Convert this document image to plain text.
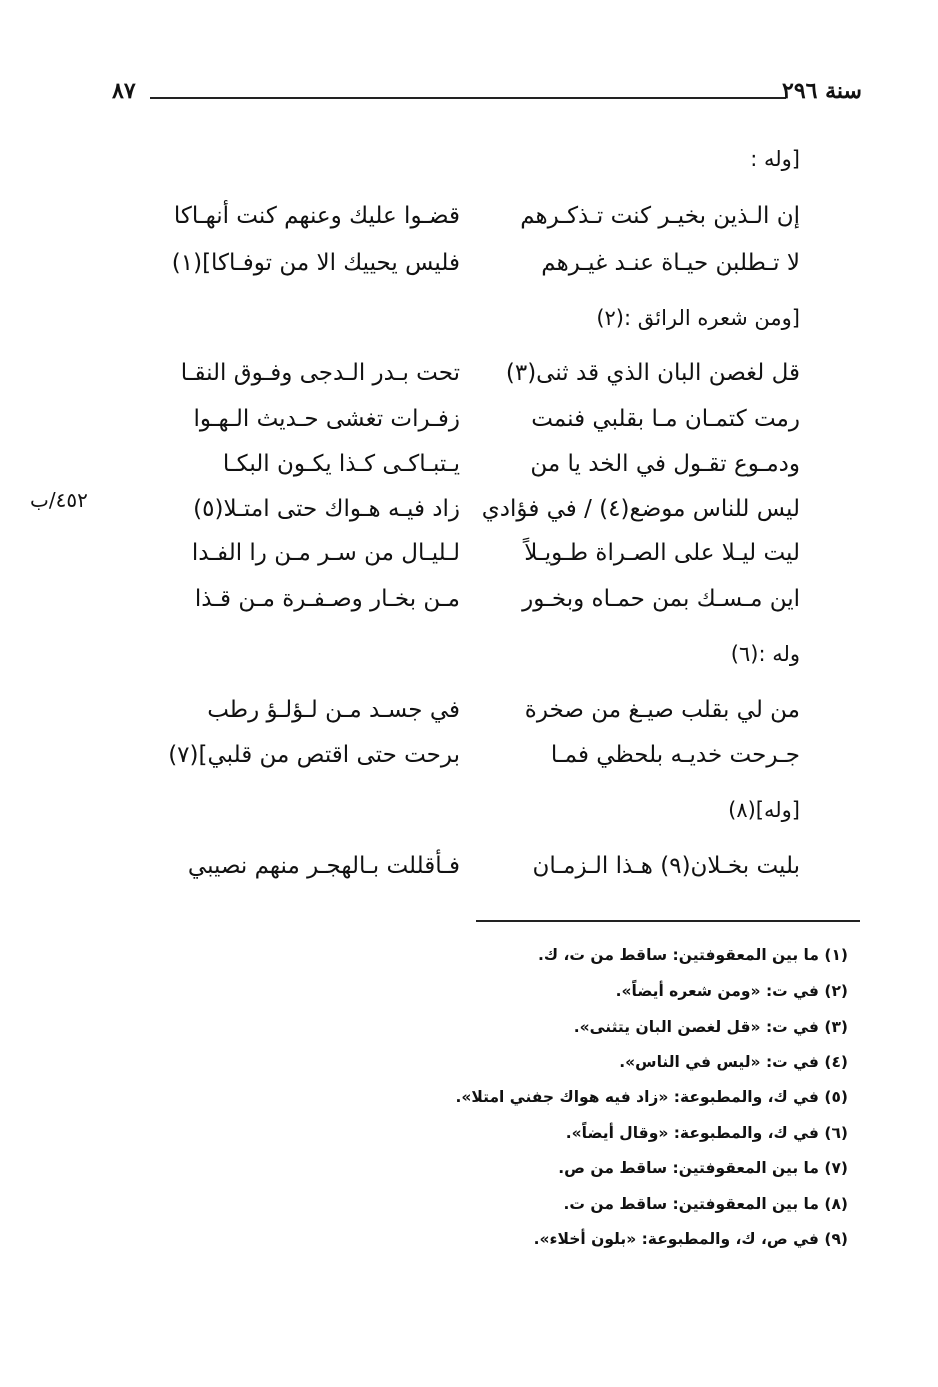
٨٧	سنة ٢٩٦
[وله :
إن الـذين بخيـر كنت تـذكـرهم
قضـوا عليك وعنهم كنت أنهـاكا
لا تـطلبن حيـاة عنـد غيـرهم
فليس يحييك الا من توفـاكا](١)
[ومن شعره الرائق :(٢)
قل لغصن البان الذي قد ثنى(٣)
تحت بـدر الـدجى وفـوق النقـا
رمت كتمـان مـا بقلبي فنمت
زفـرات تغشى حـديث الـهـوا
ودمـوع تقـول في الخد يا من
يـتبـاكـى كـذا يكـون البكـا
ليس للناس موضع(٤) / في فؤادي
زاد فيـه هـواك حتى امتـلا(٥)
ليت ليـلا على الصـراة طـويـلاً
لـليـال من سـر مـن را الفـدا
اين مـسـك بمن حمـاه وبخـور
مـن بخـار وصـفـرة مـن قـذا
وله :(٦)
من لي بقلب صيـغ من صخرة
في جسـد مـن لـؤلـؤ رطب
جـرحت خديـه بلحظي فمـا
برحت حتى اقتص من قلبي](٧)
[وله](٨)
بليت بخـلان(٩) هـذا الـزمـان
فـأقللت بـالهجـر منهم نصيبي
٤٥٢/ب
(١) ما بين المعقوفتين: ساقط من ت، ك.
(٢) في ت: «ومن شعره أيضاً».
(٣) في ت: «قل لغصن البان يتثنى».
(٤) في ت: «ليس في الناس».
(٥) في ك، والمطبوعة: «زاد فيه هواك جفني امتلا».
(٦) في ك، والمطبوعة: «وقال أيضاً».
(٧) ما بين المعقوفتين: ساقط من ص.
(٨) ما بين المعقوفتين: ساقط من ت.
(٩) في ص، ك، والمطبوعة: «بلون أخلاء».
